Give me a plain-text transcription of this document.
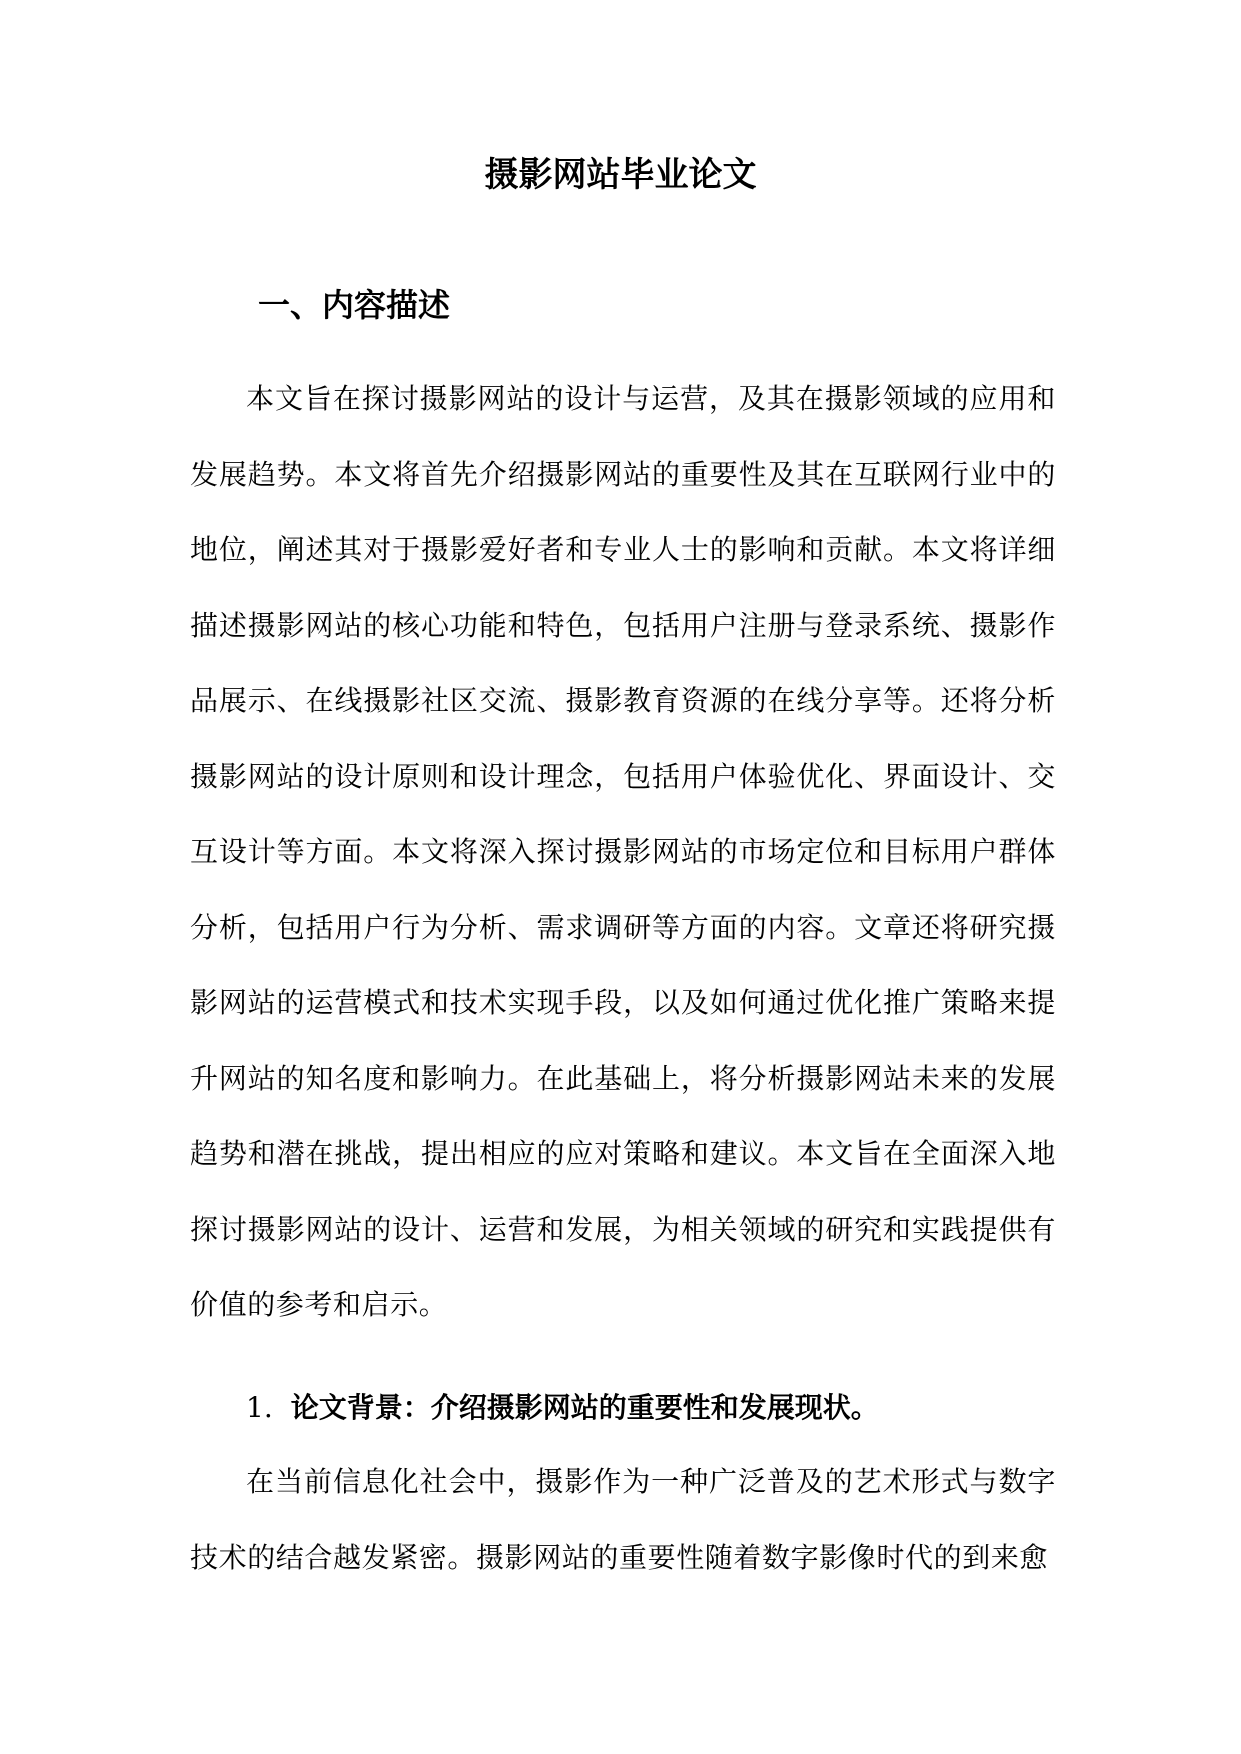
摄影网站毕业论文
一、内容描述

本文旨在探讨摄影网站的设计与运营，及其在摄影领域的应用和发展趋势。本文将首先介绍摄影网站的重要性及其在互联网行业中的地位，阐述其对于摄影爱好者和专业人士的影响和贡献。本文将详细描述摄影网站的核心功能和特色，包括用户注册与登录系统、摄影作品展示、在线摄影社区交流、摄影教育资源的在线分享等。还将分析摄影网站的设计原则和设计理念，包括用户体验优化、界面设计、交互设计等方面。本文将深入探讨摄影网站的市场定位和目标用户群体分析，包括用户行为分析、需求调研等方面的内容。文章还将研究摄影网站的运营模式和技术实现手段，以及如何通过优化推广策略来提升网站的知名度和影响力。在此基础上，将分析摄影网站未来的发展趋势和潜在挑战，提出相应的应对策略和建议。本文旨在全面深入地探讨摄影网站的设计、运营和发展，为相关领域的研究和实践提供有价值的参考和启示。

1. 论文背景：介绍摄影网站的重要性和发展现状。

在当前信息化社会中，摄影作为一种广泛普及的艺术形式与数字技术的结合越发紧密。摄影网站的重要性随着数字影像时代的到来愈
